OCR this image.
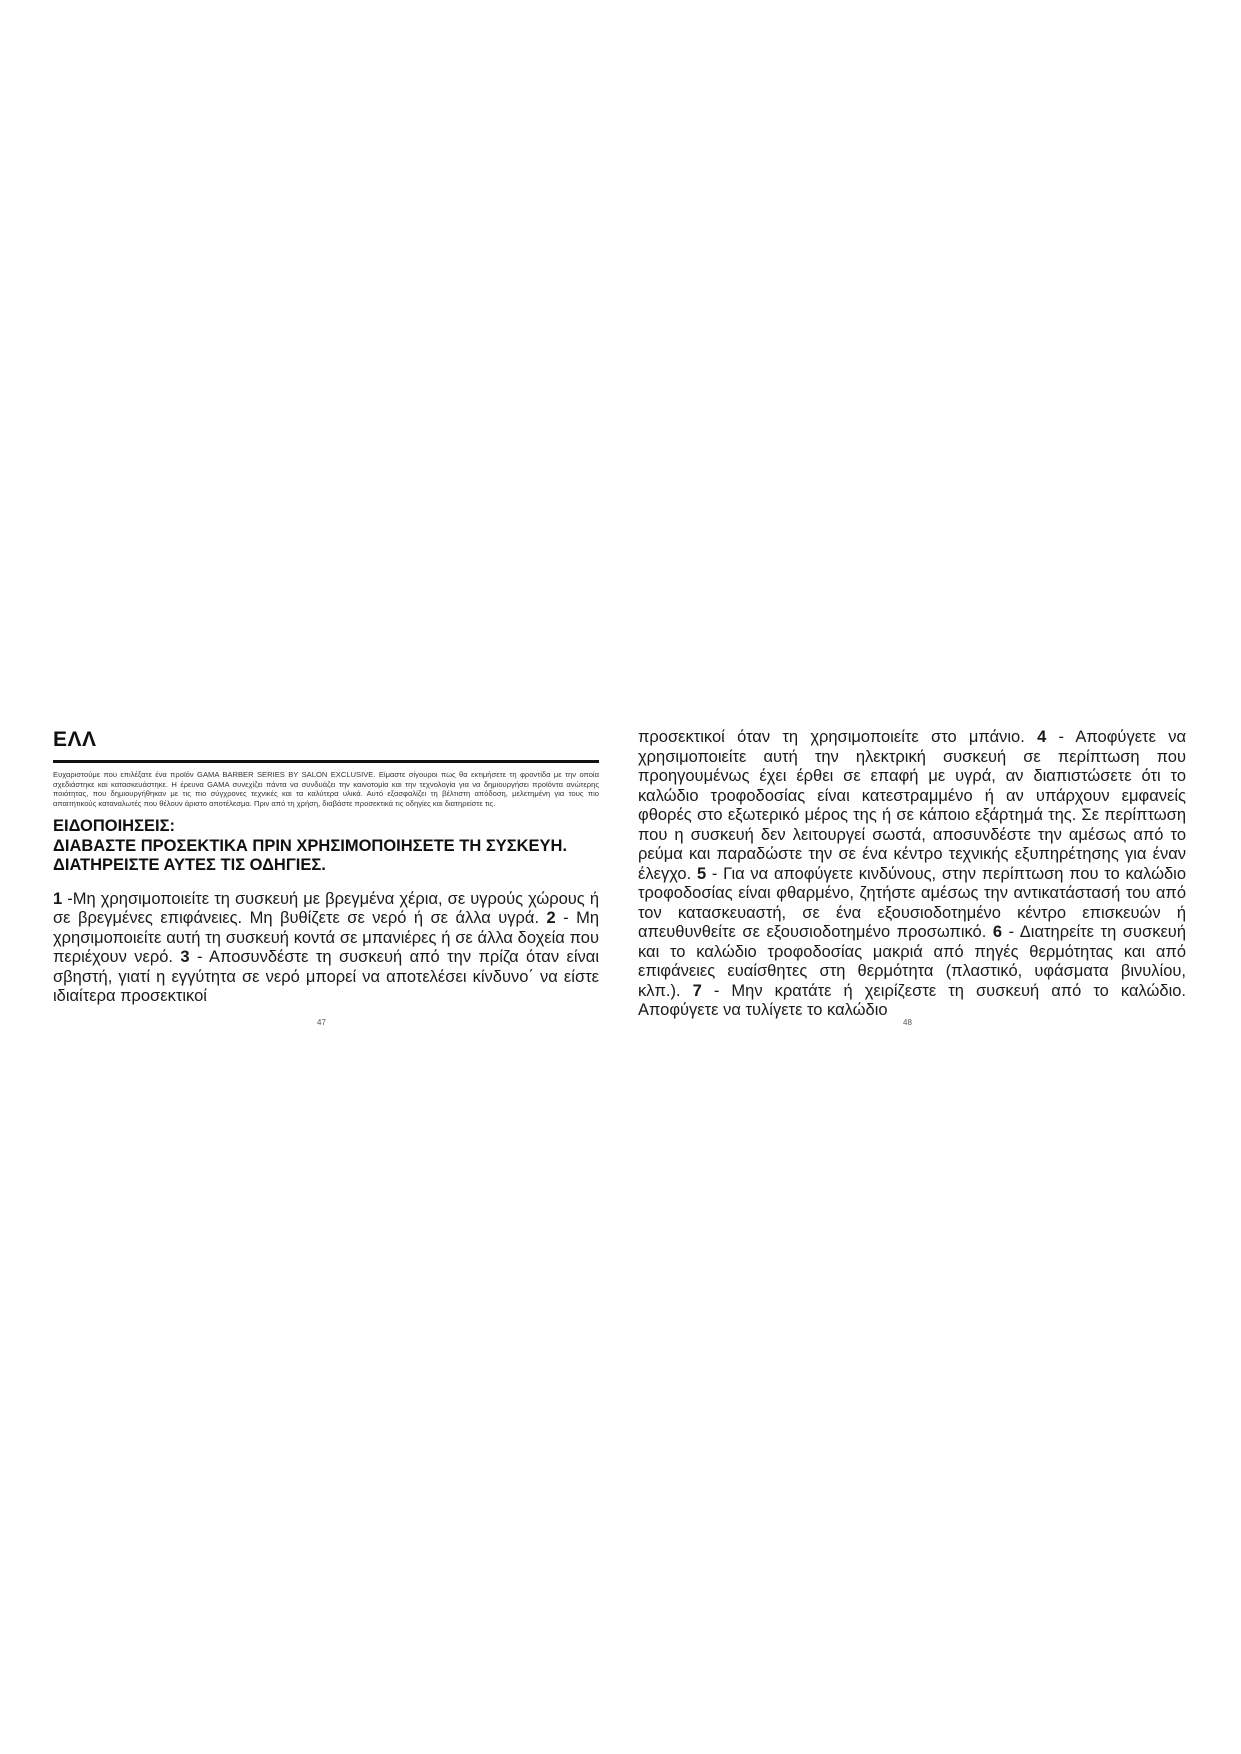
ΕΛΛ

Ευχαριστούμε που επιλέξατε ένα προϊόν GAMA BARBER SERIES BY SALON EXCLUSIVE. Είμαστε σίγουροι πως θα εκτιμήσετε τη φροντίδα με την οποία σχεδιάστηκε και κατασκευάστηκε. Η έρευνα GAMA συνεχίζει πάντα να συνδυάζει την καινοτομία και την τεχνολογία για να δημιουργήσει προϊόντα ανώτερης ποιότητας, που δημιουργήθηκαν με τις πιο σύγχρονες τεχνικές και τα καλύτερα υλικά. Αυτό εξασφαλίζει τη βέλτιστη απόδοση, μελετημένη για τους πιο απαιτητικούς καταναλωτές που θέλουν άριστο αποτέλεσμα. Πριν από τη χρήση, διαβάστε προσεκτικά τις οδηγίες και διατηρείστε τις.

ΕΙΔΟΠΟΙΗΣΕΙΣ:
ΔΙΑΒΑΣΤΕ ΠΡΟΣΕΚΤΙΚΑ ΠΡΙΝ ΧΡΗΣΙΜΟΠΟΙΗΣΕΤΕ ΤΗ ΣΥΣΚΕΥΗ.
ΔΙΑΤΗΡΕΙΣΤΕ ΑΥΤΕΣ ΤΙΣ ΟΔΗΓΙΕΣ.

1 -Μη χρησιμοποιείτε τη συσκευή με βρεγμένα χέρια, σε υγρούς χώρους ή σε βρεγμένες επιφάνειες. Μη βυθίζετε σε νερό ή σε άλλα υγρά. 2 - Μη χρησιμοποιείτε αυτή τη συσκευή κοντά σε μπανιέρες ή σε άλλα δοχεία που περιέχουν νερό. 3 - Αποσυνδέστε τη συσκευή από την πρίζα όταν είναι σβηστή, γιατί η εγγύτητα σε νερό μπορεί να αποτελέσει κίνδυνο΄ να είστε ιδιαίτερα προσεκτικοί

47

προσεκτικοί όταν τη χρησιμοποιείτε στο μπάνιο. 4 - Αποφύγετε να χρησιμοποιείτε αυτή την ηλεκτρική συσκευή σε περίπτωση που προηγουμένως έχει έρθει σε επαφή με υγρά, αν διαπιστώσετε ότι το καλώδιο τροφοδοσίας είναι κατεστραμμένο ή αν υπάρχουν εμφανείς φθορές στο εξωτερικό μέρος της ή σε κάποιο εξάρτημά της. Σε περίπτωση που η συσκευή δεν λειτουργεί σωστά, αποσυνδέστε την αμέσως από το ρεύμα και παραδώστε την σε ένα κέντρο τεχνικής εξυπηρέτησης για έναν έλεγχο. 5 - Για να αποφύγετε κινδύνους, στην περίπτωση που το καλώδιο τροφοδοσίας είναι φθαρμένο, ζητήστε αμέσως την αντικατάστασή του από τον κατασκευαστή, σε ένα εξουσιοδοτημένο κέντρο επισκευών ή απευθυνθείτε σε εξουσιοδοτημένο προσωπικό. 6 - Διατηρείτε τη συσκευή και το καλώδιο τροφοδοσίας μακριά από πηγές θερμότητας και από επιφάνειες ευαίσθητες στη θερμότητα (πλαστικό, υφάσματα βινυλίου, κλπ.). 7 - Μην κρατάτε ή χειρίζεστε τη συσκευή από το καλώδιο. Αποφύγετε να τυλίγετε το καλώδιο

48
